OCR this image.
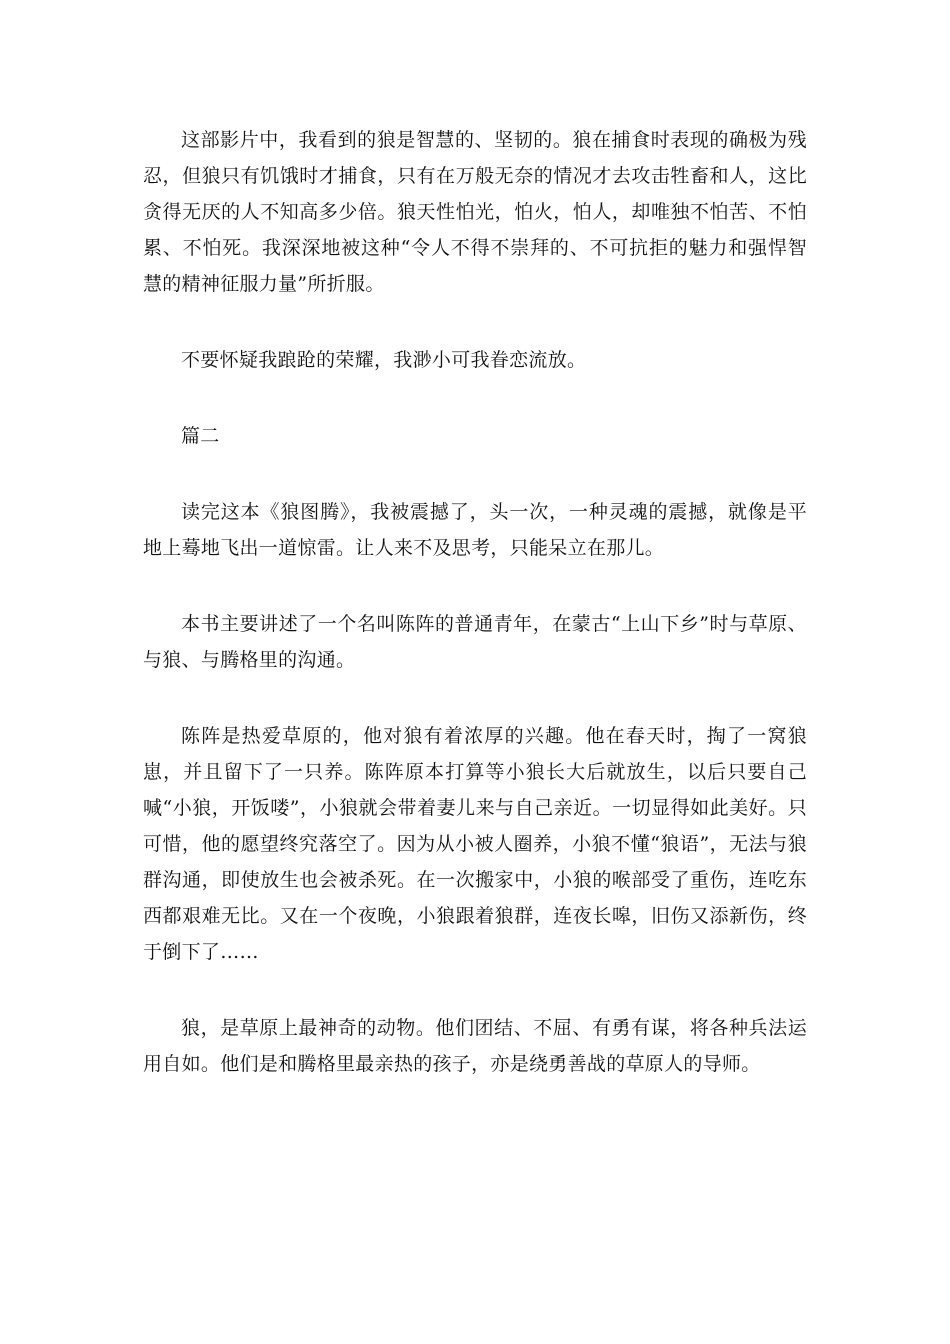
这部影片中，我看到的狼是智慧的、坚韧的。狼在捕食时表现的确极为残忍，但狼只有饥饿时才捕食，只有在万般无奈的情况才去攻击牲畜和人，这比贪得无厌的人不知高多少倍。狼天性怕光，怕火，怕人，却唯独不怕苦、不怕累、不怕死。我深深地被这种“令人不得不崇拜的、不可抗拒的魅力和强悍智慧的精神征服力量”所折服。

不要怀疑我踉跄的荣耀，我渺小可我眷恋流放。

篇二

读完这本《狼图腾》，我被震撼了，头一次，一种灵魂的震撼，就像是平地上蓦地飞出一道惊雷。让人来不及思考，只能呆立在那儿。

本书主要讲述了一个名叫陈阵的普通青年，在蒙古“上山下乡”时与草原、与狼、与腾格里的沟通。

陈阵是热爱草原的，他对狼有着浓厚的兴趣。他在春天时，掏了一窝狼崽，并且留下了一只养。陈阵原本打算等小狼长大后就放生，以后只要自己喊“小狼，开饭喽”，小狼就会带着妻儿来与自己亲近。一切显得如此美好。只可惜，他的愿望终究落空了。因为从小被人圈养，小狼不懂“狼语”，无法与狼群沟通，即使放生也会被杀死。在一次搬家中，小狼的喉部受了重伤，连吃东西都艰难无比。又在一个夜晚，小狼跟着狼群，连夜长嗥，旧伤又添新伤，终于倒下了……

狼，是草原上最神奇的动物。他们团结、不屈、有勇有谋，将各种兵法运用自如。他们是和腾格里最亲热的孩子，亦是绕勇善战的草原人的导师。
